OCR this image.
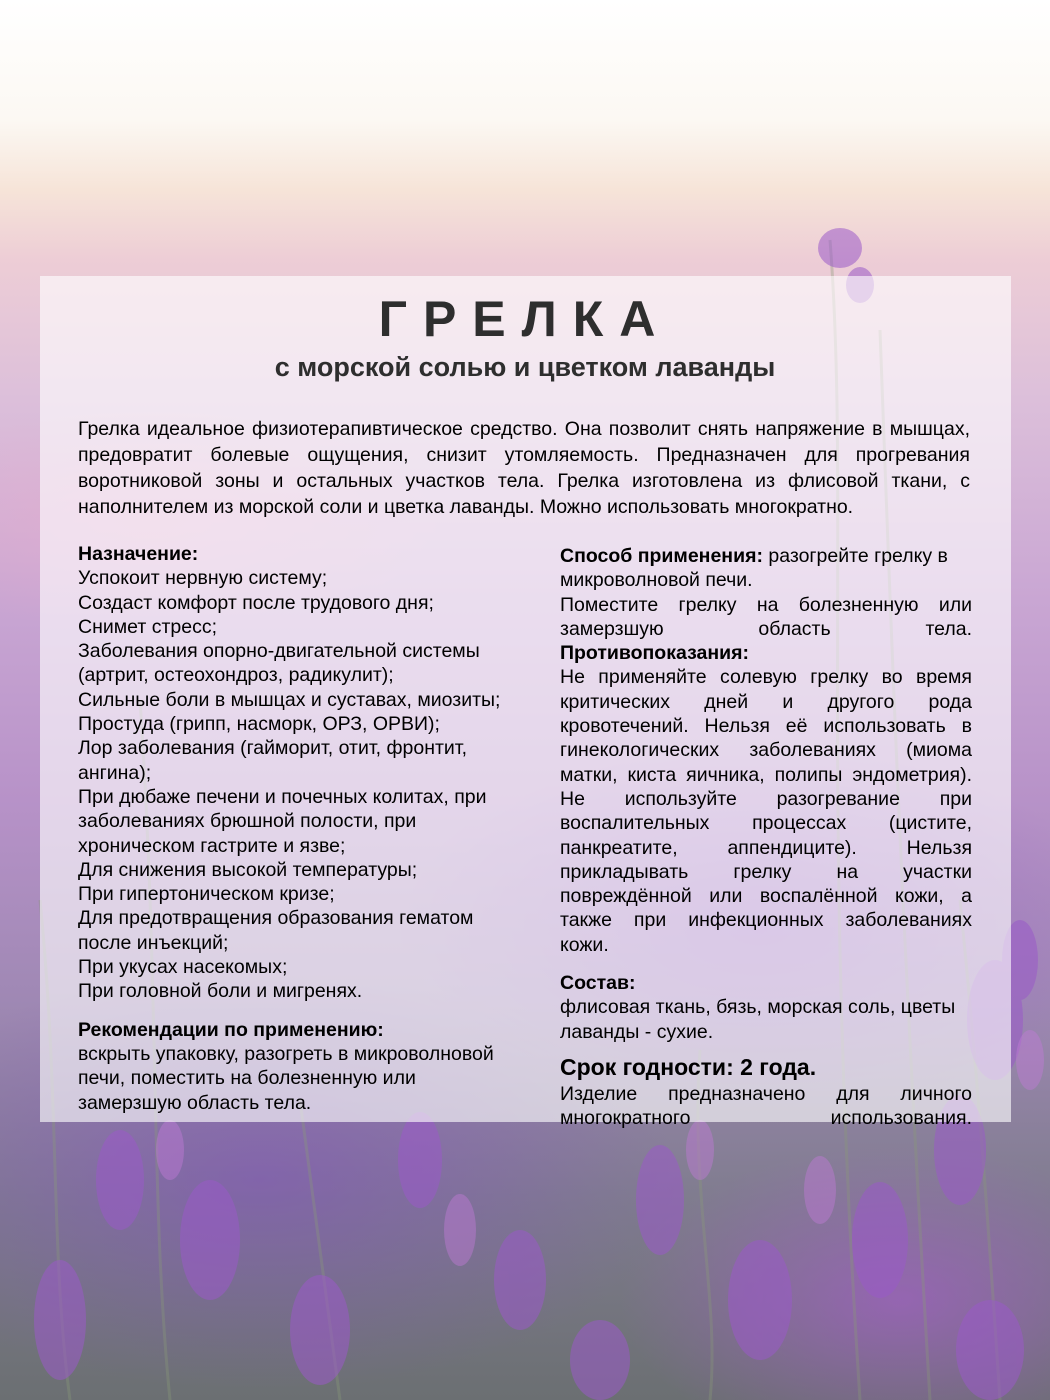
ГРЕЛКА
с морской солью и цветком лаванды

Грелка идеальное физиотерапивтическое средство. Она позволит снять напряжение в мышцах, предовратит болевые ощущения, снизит утомляемость. Предназначен для прогревания воротниковой зоны и остальных участков тела. Грелка изготовлена из флисовой ткани, с наполнителем из морской соли и цветка лаванды. Можно использовать многократно.

Назначение:

Успокоит нервную систему;

Создаст комфорт после трудового дня;

Снимет стресс;

Заболевания опорно-двигательной системы (артрит, остеохондроз, радикулит);

Сильные боли в мышцах и суставах, миозиты;

Простуда (грипп, насморк, ОРЗ, ОРВИ);

Лор заболевания (гайморит, отит, фронтит, ангина);

При дюбаже печени и почечных колитах, при заболеваниях брюшной полости, при хроническом гастрите и язве;

Для снижения высокой температуры;

При гипертоническом кризе;

Для предотвращения образования гематом после инъекций;

При укусах насекомых;

При головной боли и мигренях.

Рекомендации по применению:

вскрыть упаковку, разогреть в микроволновой печи, поместить на болезненную или замерзшую область тела.

Способ применения: разогрейте грелку в микроволновой печи.

Поместите грелку на болезненную или замерзшую область тела.

Противопоказания:

Не применяйте солевую грелку во время критических дней и другого рода кровотечений. Нельзя её использовать в гинекологических заболеваниях (миома матки, киста яичника, полипы эндометрия). Не используйте разогревание при воспалительных процессах (цистите, панкреатите, аппендиците). Нельзя прикладывать грелку на участки повреждённой или воспалённой кожи, а также при инфекционных заболеваниях кожи.

Состав:

флисовая ткань, бязь, морская соль, цветы лаванды - сухие.

Срок годности: 2 года.

Изделие предназначено для личного многократного использования.
